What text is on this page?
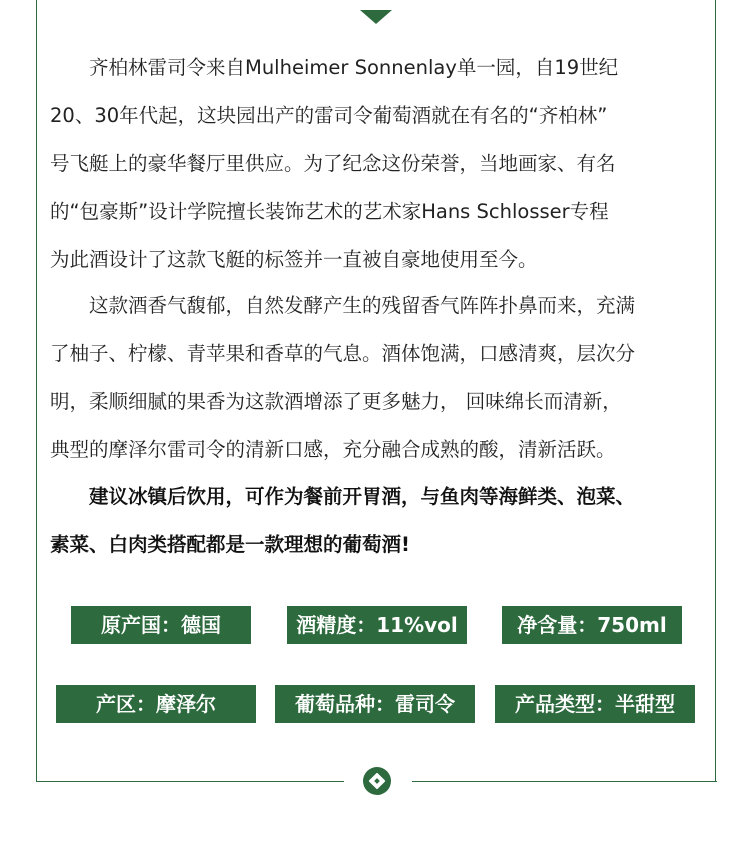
　　齐柏林雷司令来自Mulheimer Sonnenlay单一园，自19世纪
20、30年代起，这块园出产的雷司令葡萄酒就在有名的“齐柏林”
号飞艇上的豪华餐厅里供应。为了纪念这份荣誉，当地画家、有名
的“包豪斯”设计学院擅长装饰艺术的艺术家Hans Schlosser专程
为此酒设计了这款飞艇的标签并一直被自豪地使用至今。
　　这款酒香气馥郁，自然发酵产生的残留香气阵阵扑鼻而来，充满
了柚子、柠檬、青苹果和香草的气息。酒体饱满，口感清爽，层次分
明，柔顺细腻的果香为这款酒增添了更多魅力， 回味绵长而清新，
典型的摩泽尔雷司令的清新口感，充分融合成熟的酸，清新活跃。
　　建议冰镇后饮用，可作为餐前开胃酒，与鱼肉等海鲜类、泡菜、
素菜、白肉类搭配都是一款理想的葡萄酒!
原产国：德国	酒精度：11%vol	净含量：750ml
产区：摩泽尔	葡萄品种：雷司令	产品类型：半甜型
